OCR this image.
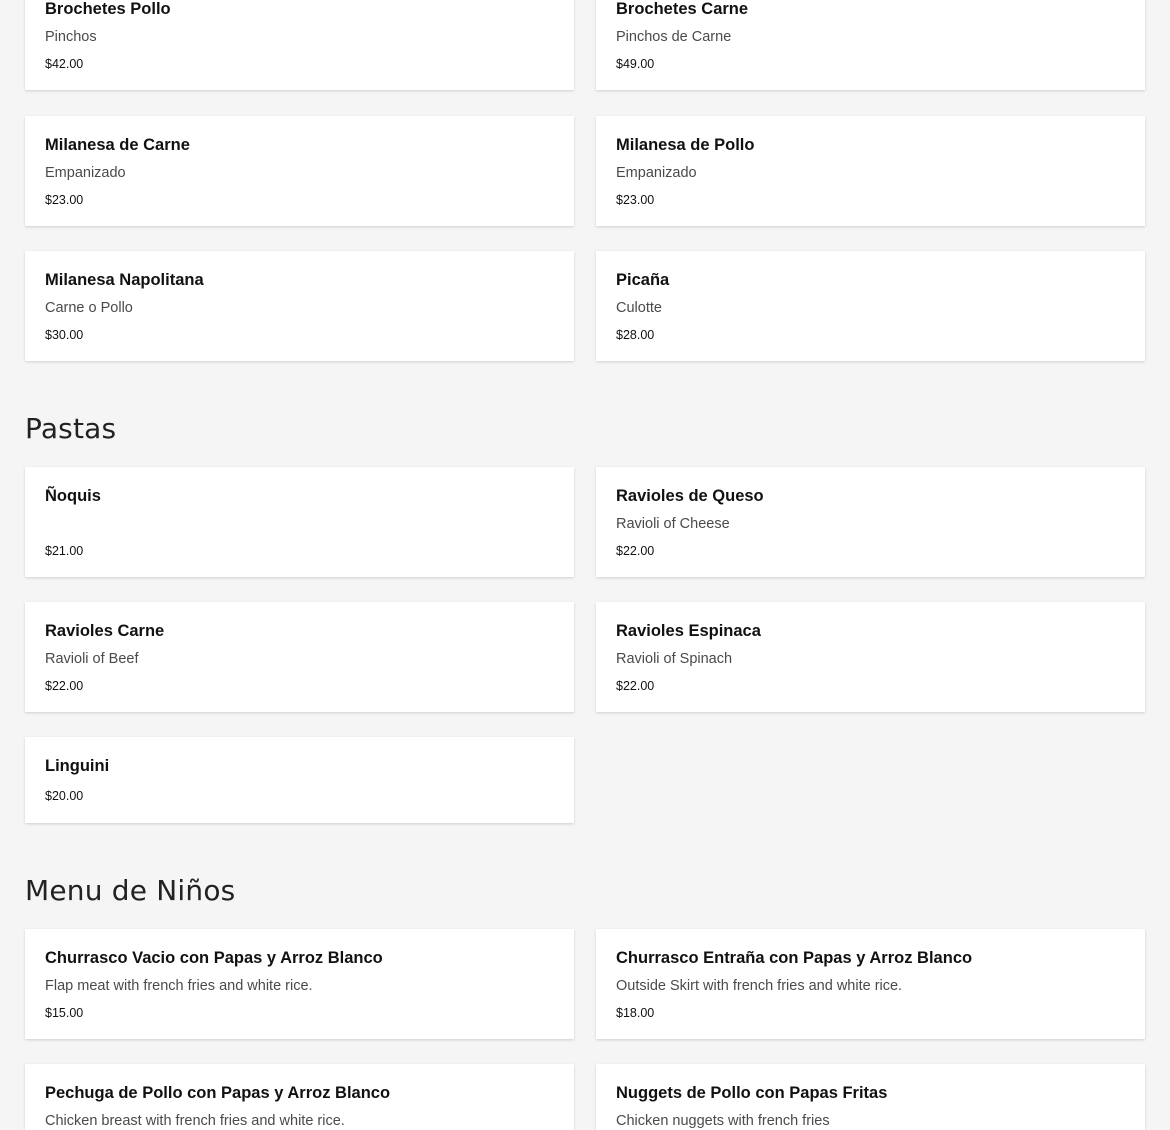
Brochetes Pollo
Pinchos
$42.00
Brochetes Carne
Pinchos de Carne
$49.00
Milanesa de Carne
Empanizado
$23.00
Milanesa de Pollo
Empanizado
$23.00
Milanesa Napolitana
Carne o Pollo
$30.00
Picaña
Culotte
$28.00
Pastas
Ñoquis
$21.00
Ravioles de Queso
Ravioli of Cheese
$22.00
Ravioles Carne
Ravioli of Beef
$22.00
Ravioles Espinaca
Ravioli of Spinach
$22.00
Linguini
$20.00
Menu de Niños
Churrasco Vacio con Papas y Arroz Blanco
Flap meat with french fries and white rice.
$15.00
Churrasco Entraña con Papas y Arroz Blanco
Outside Skirt with french fries and white rice.
$18.00
Pechuga de Pollo con Papas y Arroz Blanco
Chicken breast with french fries and white rice.
Nuggets de Pollo con Papas Fritas
Chicken nuggets with french fries
